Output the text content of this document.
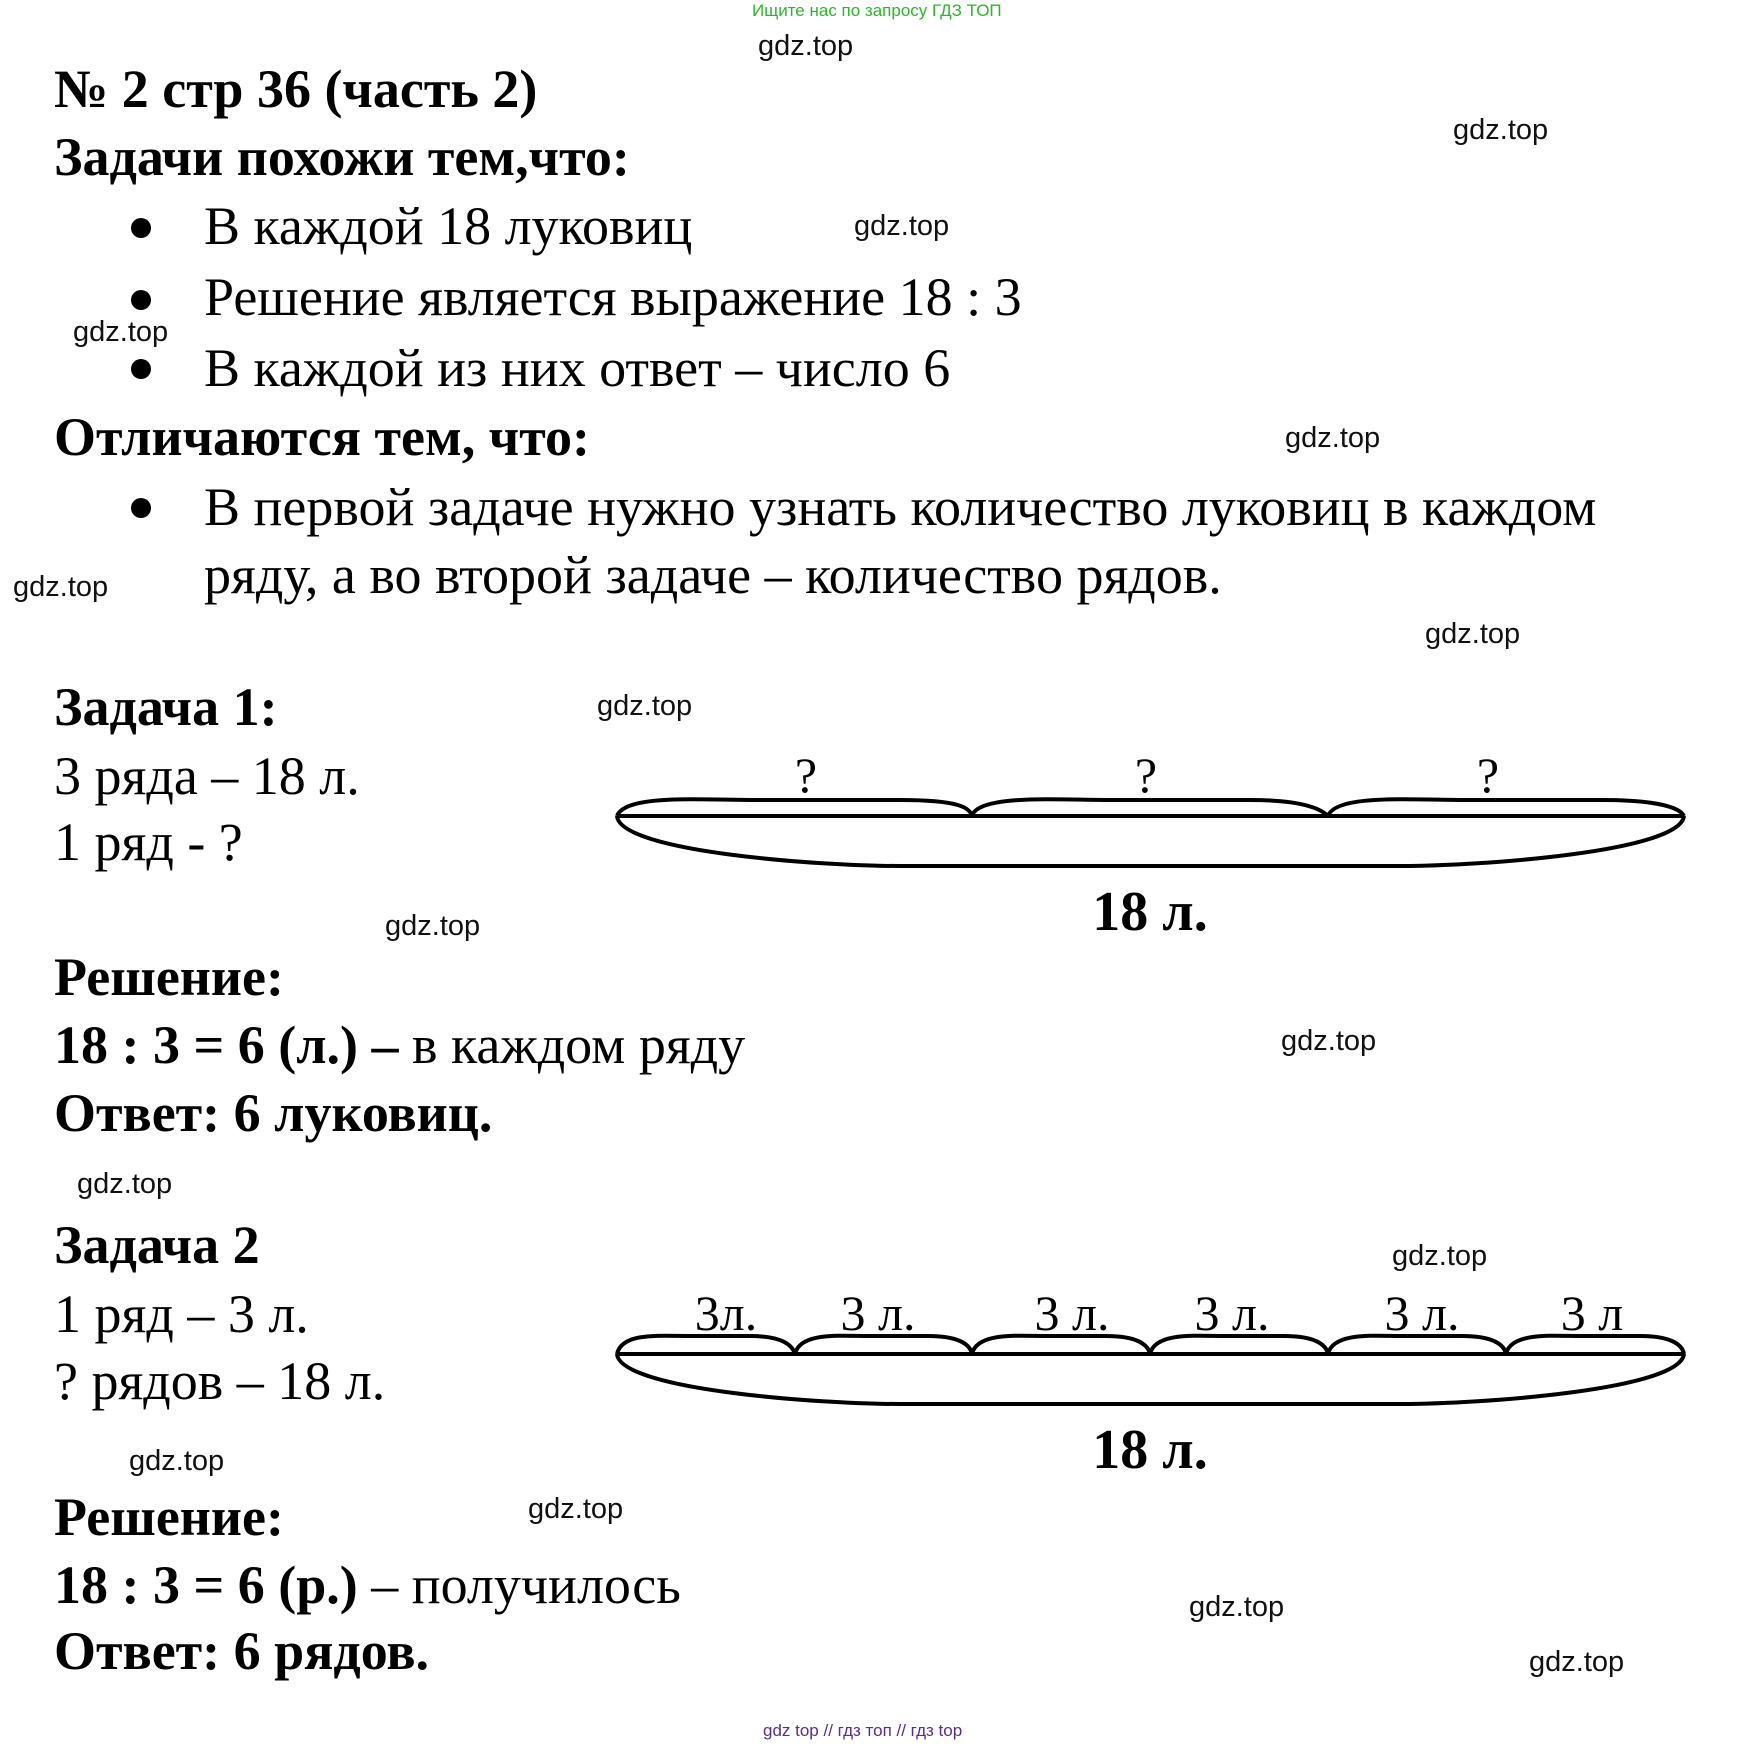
Ищите нас по запросу ГДЗ ТОП
№ 2 стр 36 (часть 2)
Задачи похожи тем,что:
В каждой 18 луковиц
Решение является выражение 18 : 3
В каждой из них ответ – число 6
Отличаются тем, что:
В первой задаче нужно узнать количество луковиц в каждом
ряду, а во второй задаче – количество рядов.
Задача 1:
3 ряда – 18 л.
1 ряд - ?
?	?	?
18 л.
3л. 3 л. 3 л. 3 л. 3 л. 3 л
18 л.
Решение:
18 : 3 = 6 (л.) – в каждом ряду
Ответ: 6 луковиц.
Задача 2
1 ряд – 3 л.
? рядов – 18 л.
Решение:
18 : 3 = 6 (р.) – получилось
Ответ: 6 рядов.
gdz.top
gdz.top
gdz.top
gdz.top
gdz.top
gdz.top
gdz.top
gdz.top
gdz.top
gdz.top
gdz.top
gdz.top
gdz.top
gdz.top
gdz.top
gdz.top
gdz top // гдз топ // гдз top
